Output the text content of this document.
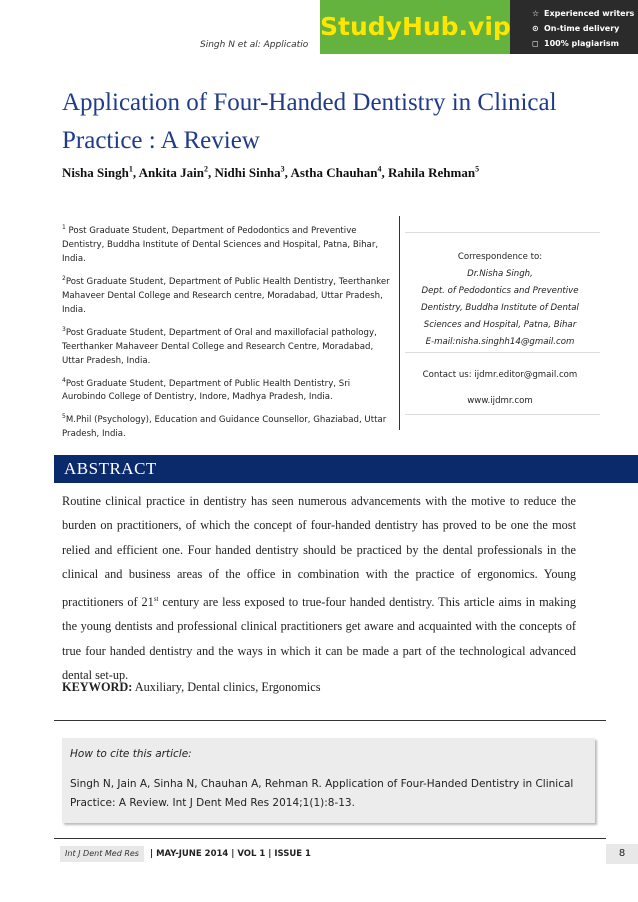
Singh N et al: Applicatio
StudyHub.vip	☆ Experienced writers
⊙ On-time delivery
◻ 100% plagiarism free
Application of Four-Handed Dentistry in Clinical
Practice : A Review
Nisha Singh$^1$, Ankita Jain$^2$, Nidhi Sinha$^3$, Astha Chauhan$^4$, Rahila Rehman$^5$

$^1$ Post Graduate Student, Department of Pedodontics and Preventive Dentistry, Buddha Institute of Dental Sciences and Hospital, Patna, Bihar, India.

$^2$Post Graduate Student, Department of Public Health Dentistry, Teerthanker Mahaveer Dental College and Research centre, Moradabad, Uttar Pradesh, India.

$^3$Post Graduate Student, Department of Oral and maxillofacial pathology, Teerthanker Mahaveer Dental College and Research Centre, Moradabad, Uttar Pradesh, India.

$^4$Post Graduate Student, Department of Public Health Dentistry, Sri Aurobindo College of Dentistry, Indore, Madhya Pradesh, India.

$^5$M.Phil (Psychology), Education and Guidance Counsellor, Ghaziabad, Uttar Pradesh, India.

Correspondence to:
Dr.Nisha Singh,
Dept. of Pedodontics and Preventive
Dentistry, Buddha Institute of Dental
Sciences and Hospital, Patna, Bihar
E-mail:nisha.singhh14@gmail.com
Contact us: ijdmr.editor@gmail.com
www.ijdmr.com
ABSTRACT
Routine clinical practice in dentistry has seen numerous advancements with the motive to reduce the burden on practitioners, of which the concept of four-handed dentistry has proved to be one the most relied and efficient one. Four handed dentistry should be practiced by the dental professionals in the clinical and business areas of the office in combination with the practice of ergonomics. Young practitioners of 21st century are less exposed to true-four handed dentistry. This article aims in making the young dentists and professional clinical practitioners get aware and acquainted with the concepts of true four handed dentistry and the ways in which it can be made a part of the technological advanced dental set-up.
KEYWORD: Auxiliary, Dental clinics, Ergonomics
How to cite this article:
Singh N, Jain A, Sinha N, Chauhan A, Rehman R. Application of Four-Handed Dentistry in Clinical Practice: A Review. Int J Dent Med Res 2014;1(1):8-13.
Int J Dent Med Res	| MAY-JUNE 2014 | VOL 1 | ISSUE 1	8
